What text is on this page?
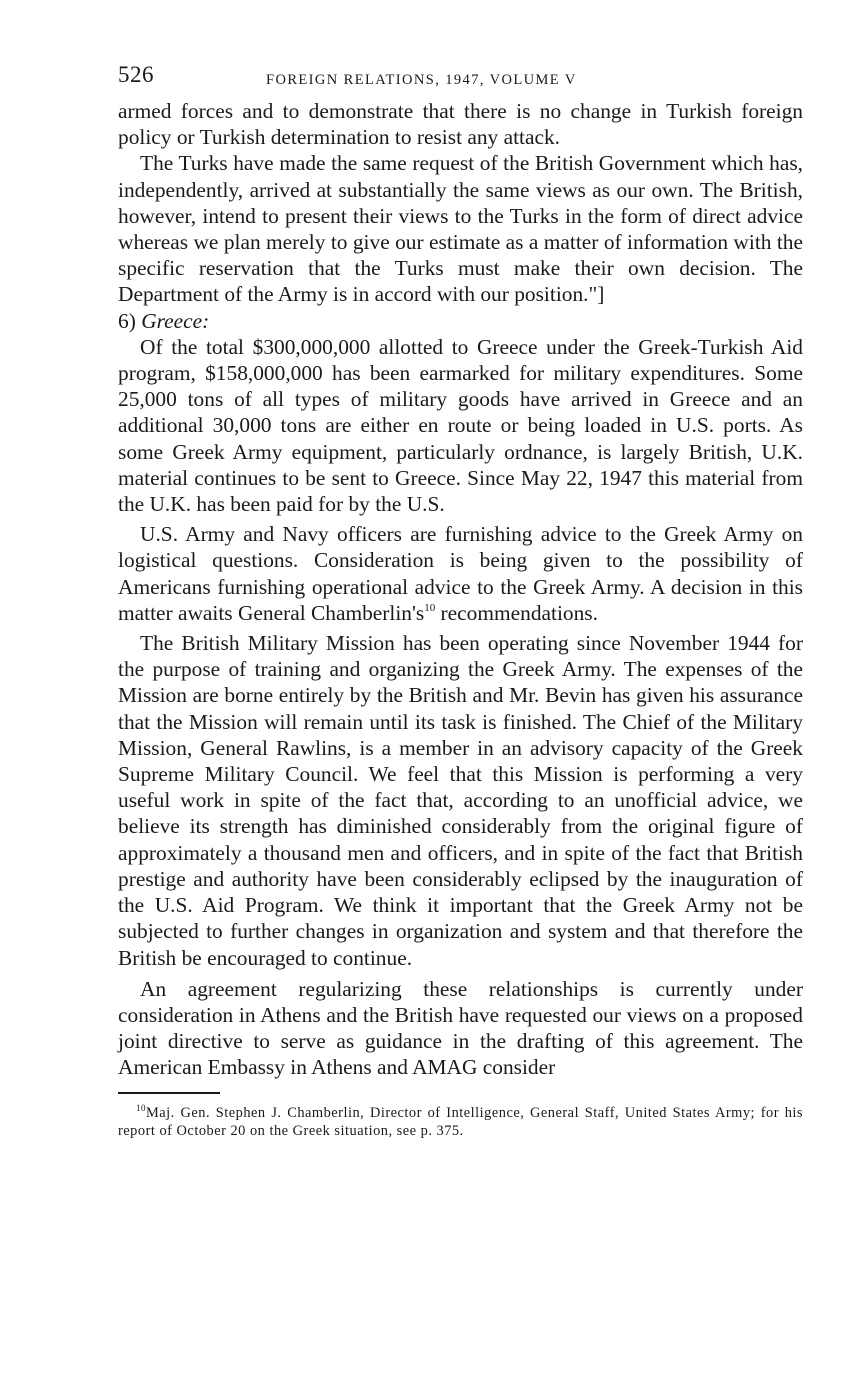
526	FOREIGN RELATIONS, 1947, VOLUME V

armed forces and to demonstrate that there is no change in Turkish foreign policy or Turkish determination to resist any attack.

The Turks have made the same request of the British Government which has, independently, arrived at substantially the same views as our own. The British, however, intend to present their views to the Turks in the form of direct advice whereas we plan merely to give our estimate as a matter of information with the specific reservation that the Turks must make their own decision. The Department of the Army is in accord with our position."]

6) Greece:

Of the total $300,000,000 allotted to Greece under the Greek-Turkish Aid program, $158,000,000 has been earmarked for military expenditures. Some 25,000 tons of all types of military goods have arrived in Greece and an additional 30,000 tons are either en route or being loaded in U.S. ports. As some Greek Army equipment, particularly ordnance, is largely British, U.K. material continues to be sent to Greece. Since May 22, 1947 this material from the U.K. has been paid for by the U.S.

U.S. Army and Navy officers are furnishing advice to the Greek Army on logistical questions. Consideration is being given to the possibility of Americans furnishing operational advice to the Greek Army. A decision in this matter awaits General Chamberlin's$^{10}$ recommendations.

The British Military Mission has been operating since November 1944 for the purpose of training and organizing the Greek Army. The expenses of the Mission are borne entirely by the British and Mr. Bevin has given his assurance that the Mission will remain until its task is finished. The Chief of the Military Mission, General Rawlins, is a member in an advisory capacity of the Greek Supreme Military Council. We feel that this Mission is performing a very useful work in spite of the fact that, according to an unofficial advice, we believe its strength has diminished considerably from the original figure of approximately a thousand men and officers, and in spite of the fact that British prestige and authority have been considerably eclipsed by the inauguration of the U.S. Aid Program. We think it important that the Greek Army not be subjected to further changes in organization and system and that therefore the British be encouraged to continue.

An agreement regularizing these relationships is currently under consideration in Athens and the British have requested our views on a proposed joint directive to serve as guidance in the drafting of this agreement. The American Embassy in Athens and AMAG consider

$^{10}$Maj. Gen. Stephen J. Chamberlin, Director of Intelligence, General Staff, United States Army; for his report of October 20 on the Greek situation, see p. 375.
